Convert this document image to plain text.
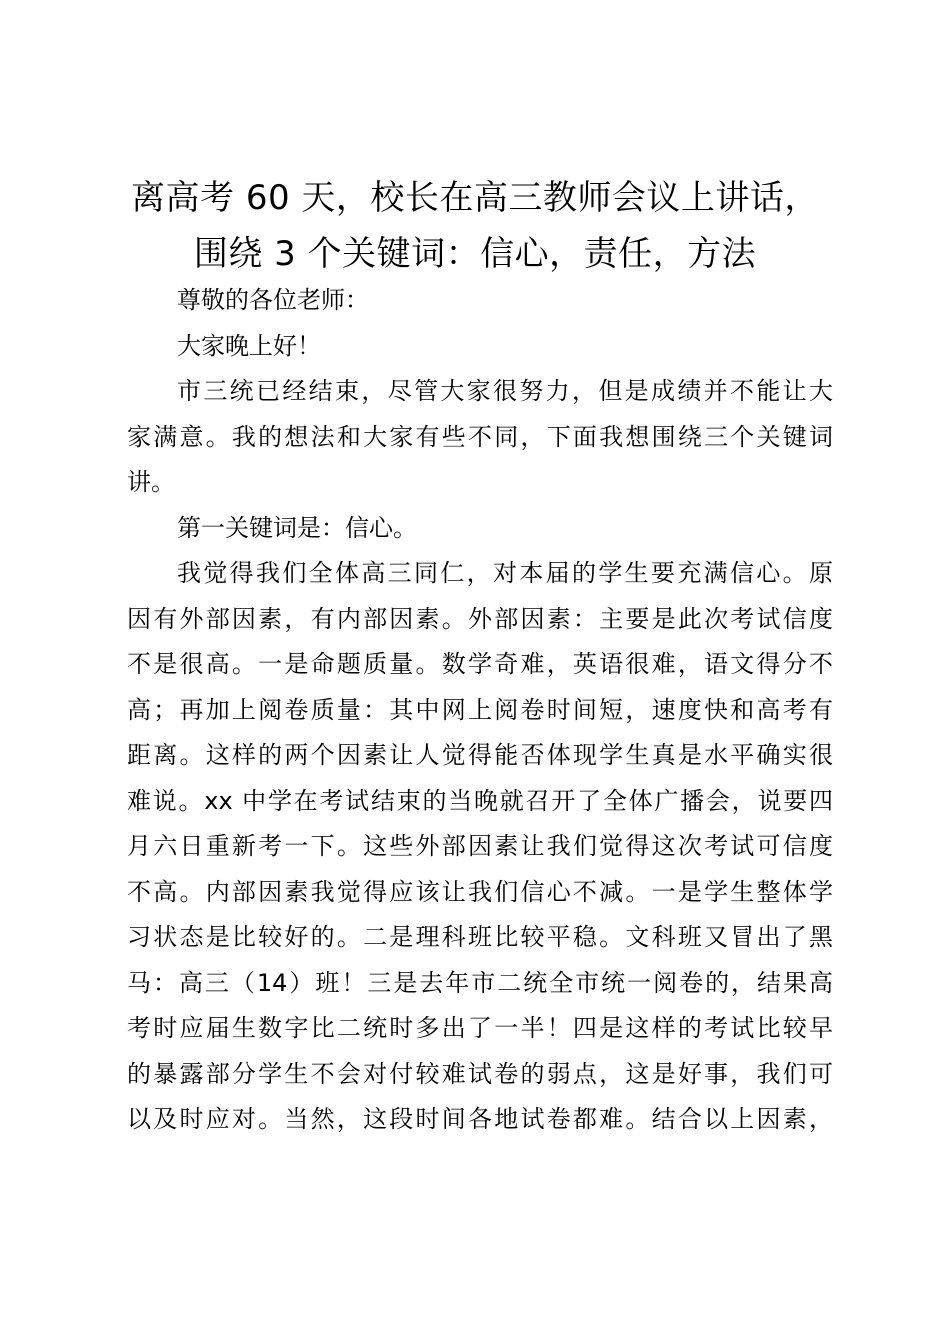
离高考 60 天，校长在高三教师会议上讲话，
围绕 3 个关键词：信心，责任，方法
尊敬的各位老师：
大家晚上好！
市三统已经结束，尽管大家很努力，但是成绩并不能让大
家满意。我的想法和大家有些不同，下面我想围绕三个关键词
讲。
第一关键词是：信心。
我觉得我们全体高三同仁，对本届的学生要充满信心。原
因有外部因素，有内部因素。外部因素：主要是此次考试信度
不是很高。一是命题质量。数学奇难，英语很难，语文得分不
高；再加上阅卷质量：其中网上阅卷时间短，速度快和高考有
距离。这样的两个因素让人觉得能否体现学生真是水平确实很
难说。xx 中学在考试结束的当晚就召开了全体广播会，说要四
月六日重新考一下。这些外部因素让我们觉得这次考试可信度
不高。内部因素我觉得应该让我们信心不减。一是学生整体学
习状态是比较好的。二是理科班比较平稳。文科班又冒出了黑
马：高三（14）班！三是去年市二统全市统一阅卷的，结果高
考时应届生数字比二统时多出了一半！四是这样的考试比较早
的暴露部分学生不会对付较难试卷的弱点，这是好事，我们可
以及时应对。当然，这段时间各地试卷都难。结合以上因素，
